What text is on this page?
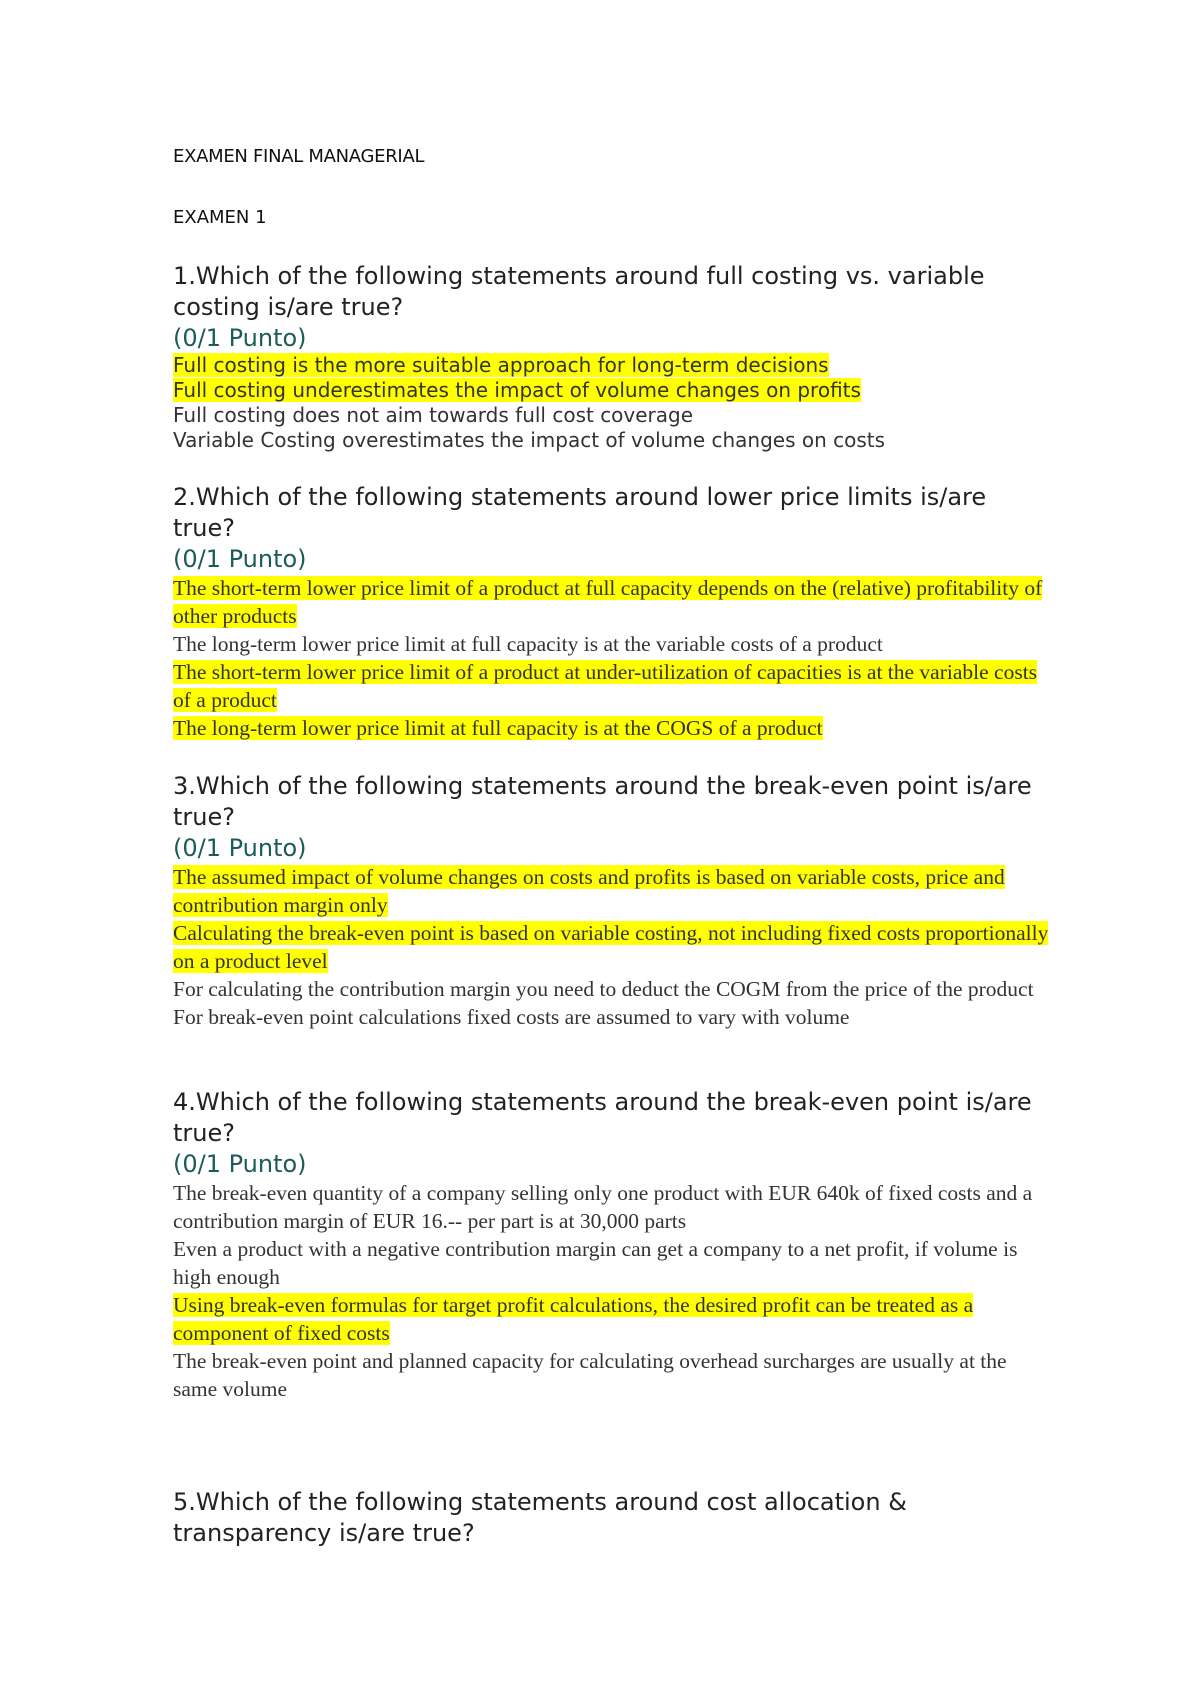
EXAMEN FINAL MANAGERIAL
EXAMEN 1
1.Which of the following statements around full costing vs. variable costing is/are true?
(0/1 Punto)
Full costing is the more suitable approach for long-term decisions
Full costing underestimates the impact of volume changes on profits
Full costing does not aim towards full cost coverage
Variable Costing overestimates the impact of volume changes on costs
2.Which of the following statements around lower price limits is/are true?
(0/1 Punto)
The short-term lower price limit of a product at full capacity depends on the (relative) profitability of other products
The long-term lower price limit at full capacity is at the variable costs of a product
The short-term lower price limit of a product at under-utilization of capacities is at the variable costs of a product
The long-term lower price limit at full capacity is at the COGS of a product
3.Which of the following statements around the break-even point is/are true?
(0/1 Punto)
The assumed impact of volume changes on costs and profits is based on variable costs, price and contribution margin only
Calculating the break-even point is based on variable costing, not including fixed costs proportionally on a product level
For calculating the contribution margin you need to deduct the COGM from the price of the product
For break-even point calculations fixed costs are assumed to vary with volume
4.Which of the following statements around the break-even point is/are true?
(0/1 Punto)
The break-even quantity of a company selling only one product with EUR 640k of fixed costs and a contribution margin of EUR 16.-- per part is at 30,000 parts
Even a product with a negative contribution margin can get a company to a net profit, if volume is high enough
Using break-even formulas for target profit calculations, the desired profit can be treated as a component of fixed costs
The break-even point and planned capacity for calculating overhead surcharges are usually at the same volume
5.Which of the following statements around cost allocation & transparency is/are true?
